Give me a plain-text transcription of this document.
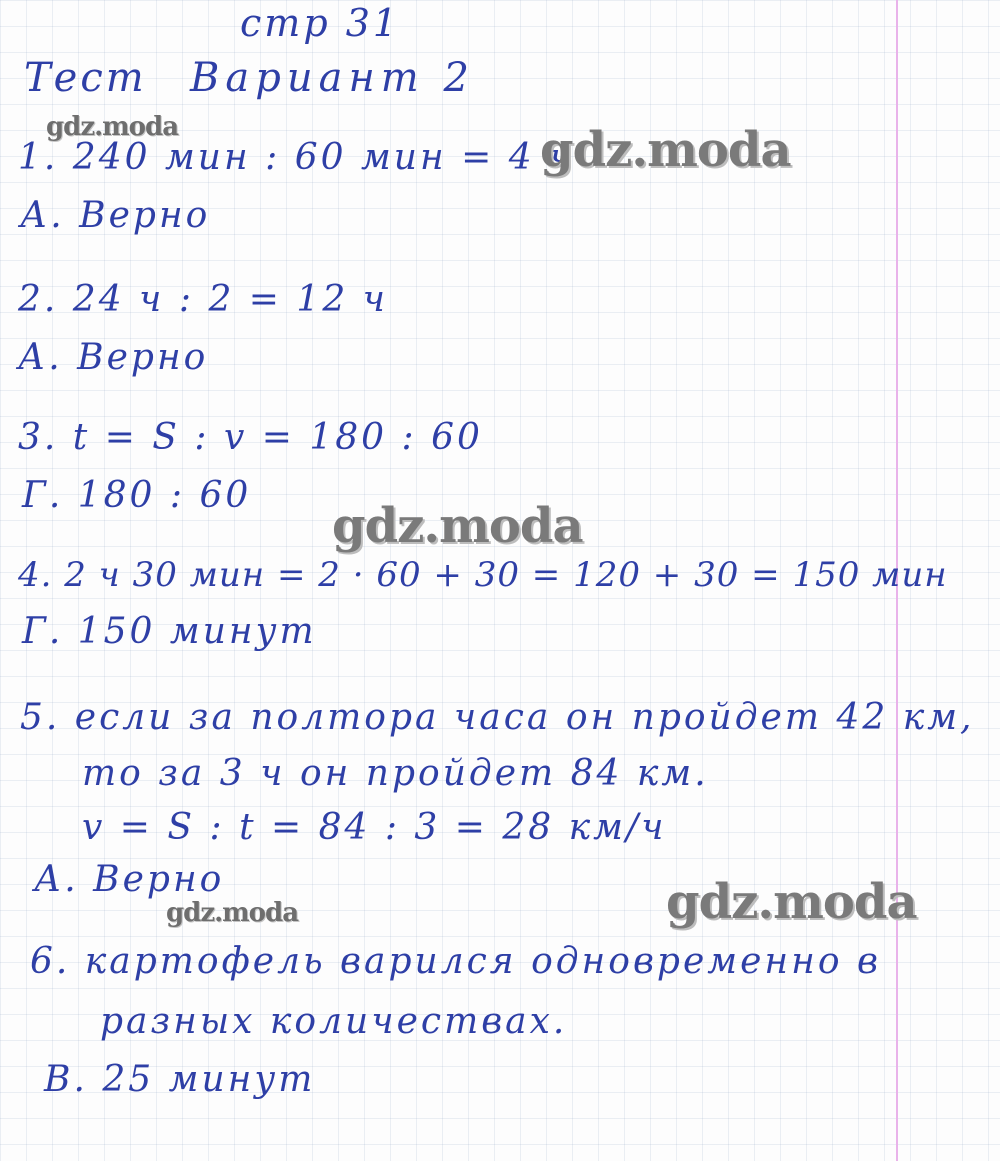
стр 31

Тест Вариант 2

1. 240 мин : 60 мин = 4 ч

А. Верно

2. 24 ч : 2 = 12 ч

А. Верно

3. t = S : v = 180 : 60

Г. 180 : 60

4. 2 ч 30 мин = 2 · 60 + 30 = 120 + 30 = 150 мин

Г. 150 минут

5. если за полтора часа он пройдет 42 км,

то за 3 ч он пройдет 84 км.

v = S : t = 84 : 3 = 28 км/ч

А. Верно

6. картофель варился одновременно в

разных количествах.

В. 25 минут

gdz.moda	gdz.moda

gdz.moda

gdz.moda

gdz.moda
